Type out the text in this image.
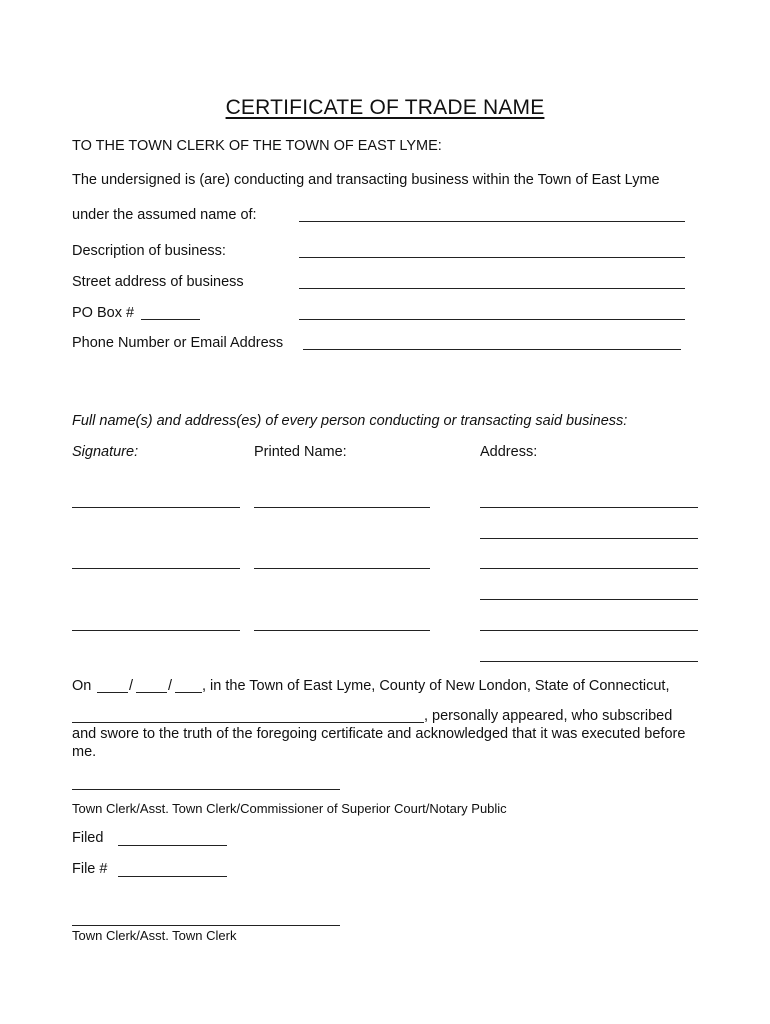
CERTIFICATE OF TRADE NAME
TO THE TOWN CLERK OF THE TOWN OF EAST LYME:
The undersigned is (are) conducting and transacting business within the Town of East Lyme
under the assumed name of:
Description of business:
Street address of business
PO Box #
Phone Number or Email Address
Full name(s) and address(es) of every person conducting or transacting said business:
Signature:	Printed Name:	Address:
On	/ / , in the Town of East Lyme, County of New London, State of Connecticut,
, personally appeared, who subscribed
and swore to the truth of the foregoing certificate and acknowledged that it was executed before me.
Town Clerk/Asst. Town Clerk/Commissioner of Superior Court/Notary Public
Filed
File #
Town Clerk/Asst. Town Clerk
